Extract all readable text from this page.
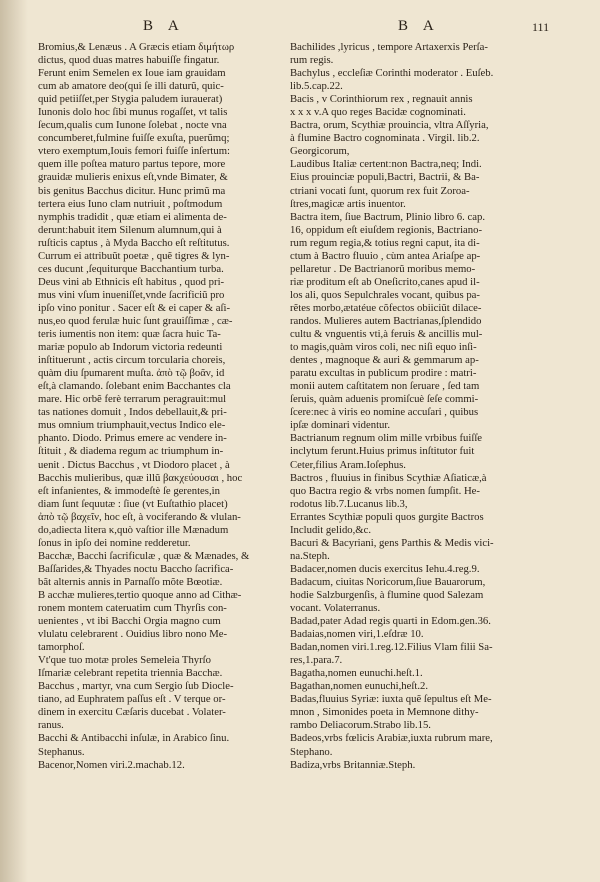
B A	B A	111
Bromius,& Lenæus . A Græcis etiam διμήτωρ
dictus, quod duas matres habuiſſe fingatur.
Ferunt enim Semelen ex Ioue iam grauidam
cum ab amatore deo(qui ſe illi daturũ, quic-
quid petiiſſet,per Stygia paludem iurauerat)
Iunonis dolo hoc ſibi munus rogaſſet, vt talis
ſecum,qualis cum Iunone ſolebat , nocte vna
concumberet,fulmine fuiſſe exuſta, puerũmq;
vtero exemptum,Iouis femori fuiſſe inſertum:
quem ille poſtea maturo partus tepore, more
grauidæ mulieris enixus eſt,vnde Bimater, &
bis genitus Bacchus dicitur. Hunc primũ ma
tertera eius Iuno clam nutriuit , poſtmodum
nymphis tradidit , quæ etiam ei alimenta de-
deruntːhabuit item Silenum alumnum,qui à
ruſticis captus , à Myda Baccho eſt reſtitutus.
Currum ei attribuũt poetæ , quẽ tigres & lyn-
ces ducunt ,ſequiturque Bacchantium turba.
Deus vini ab Ethnicis eſt habitus , quod pri-
mus vini vſum inueniſſet,vnde ſacrificiũ pro
ipſo vino ponitur . Sacer eſt & ei caper & aſi-
nus,eo quod ferulæ huic ſunt grauiſſimæ , cæ-
teris iumentis non item: quæ ſacra huic Ta-
mariæ populo ab Indorum victoria redeunti
inſtituerunt , actis circum torcularia choreis,
quàm diu ſpumarent muſta. ἀπὸ τῷ βοᾶν, id
eſt,à clamando. ſolebant enim Bacchantes cla
mare. Hic orbẽ ferè terrarum peragrauit:mul
tas nationes domuit , Indos debellauit,& pri-
mus omnium triumphauit,vectus Indico ele-
phanto. Diodo. Primus emere ac vendere in-
ſtituit , & diadema regum ac triumphum in-
uenit . Dictus Bacchus , vt Diodoro placet , à
Bacchis mulieribus, quæ illũ βακχεύουσαι , hoc
eſt infanientes, & immodeſtè ſe gerentes,in
diam ſunt ſequutæ : ſiue (vt Euſtathio placet)
ἀπὸ τῷ βαχεῖν, hoc eſt, à vociferando & vlulan-
do,adiecta litera κ,quò vaſtior ille Mænadum
ſonus in ipſo dei nomine redderetur.
Bacchæ, Bacchi ſacrificulæ , quæ & Mænades, &
Baſſarides,& Thyades noctu Baccho ſacrifica-
bãt alternis annis in Parnaſſo mõte Bœotiæ.
B acchæ mulieres,tertio quoque anno ad Cithæ-
ronem montem cateruatim cum Thyrſis con-
uenientes , vt ibi Bacchi Orgia magno cum
vlulatu celebrarent . Ouidius libro nono Me-
tamorphoſ.
Vt'que tuo motæ proles Semeleia Thyrſo
Iſmariæ celebrant repetita triennia Bacchæ.
Bacchus , martyr, vna cum Sergio ſub Diocle-
tiano, ad Euphratem paſſus eſt . V terque or-
dinem in exercitu Cæſaris ducebat . Volater-
ranus.
Bacchi & Antibacchi inſulæ, in Arabico ſinu.
Stephanus.
Bacenor,Nomen viri.2.machab.12.
Bachilides ,lyricus , tempore Artaxerxis Perſa-
rum regis.
Bachylus , eccleſiæ Corinthi moderator . Euſeb.
lib.5.cap.22.
Bacis , v Corinthiorum rex , regnauit annis
x x x v.A quo reges Bacidæ cognominati.
Bactra, orum, Scythiæ prouincia, vltra Aſſyria,
à flumine Bactro cognominata . Virgil. lib.2.
Georgicorum,
Laudibus Italiæ certentːnon Bactra,neq; Indi.
Eius prouinciæ populi,Bactri, Bactrii, & Ba-
ctriani vocati ſunt, quorum rex fuit Zoroa-
ſtres,magicæ artis inuentor.
Bactra item, ſiue Bactrum, Plinio libro 6. cap.
16, oppidum eſt eiuſdem regionis, Bactriano-
rum regum regia,& totius regni caput, ita di-
ctum à Bactro fluuio , cùm antea Ariaſpe ap-
pellaretur . De Bactrianorũ moribus memo-
riæ proditum eſt ab Oneſicrito,canes apud il-
los ali, quos Sepulchrales vocant, quibus pa-
rẽtes morbo,ætatéue cõfectos obiiciũt dilace-
randos. Mulieres autem Bactrianas,ſplendido
cultu & vnguentis vti,à feruis & ancillis mul-
to magis,quàm viros coli, nec niſi equo inſi-
dentes , magnoque & auri & gemmarum ap-
paratu excultas in publicum prodire : matri-
monii autem caſtitatem non ſeruare , ſed tam
ſeruis, quàm aduenis promiſcuè ſeſe commi-
ſcereːnec à viris eo nomine accuſari , quibus
ipſæ dominari videntur.
Bactrianum regnum olim mille vrbibus fuiſſe
inclytum ferunt.Huius primus inſtitutor fuit
Ceter,filius Aram.Ioſephus.
Bactros , fluuius in finibus Scythiæ Aſiaticæ,à
quo Bactra regio & vrbs nomen ſumpſit. He-
rodotus lib.7.Lucanus lib.3,
Errantes Scythiæ populi quos gurgite Bactros
Includit gelido,&c.
Bacuri & Bacyriani, gens Parthis & Medis vici-
na.Steph.
Badacer,nomen ducis exercitus Iehu.4.reg.9.
Badacum, ciuitas Noricorum,ſiue Bauarorum,
hodie Salzburgenſis, à flumine quod Salezam
vocant. Volaterranus.
Badad,pater Adad regis quarti in Edom.gen.36.
Badaias,nomen viri,1.eſdræ 10.
Badan,nomen viri.1.reg.12.Filius Vlam filii Sa-
res,1.para.7.
Bagatha,nomen eunuchi.heſt.1.
Bagathan,nomen eunuchi,heſt.2.
Badas,fluuius Syriæ: iuxta quẽ ſepultus eſt Me-
mnon , Simonides poeta in Memnone dithy-
rambo Deliacorum.Strabo lib.15.
Badeos,vrbs fœlicis Arabiæ,iuxta rubrum mare,
Stephano.
Badiza,vrbs Britanniæ.Steph.
